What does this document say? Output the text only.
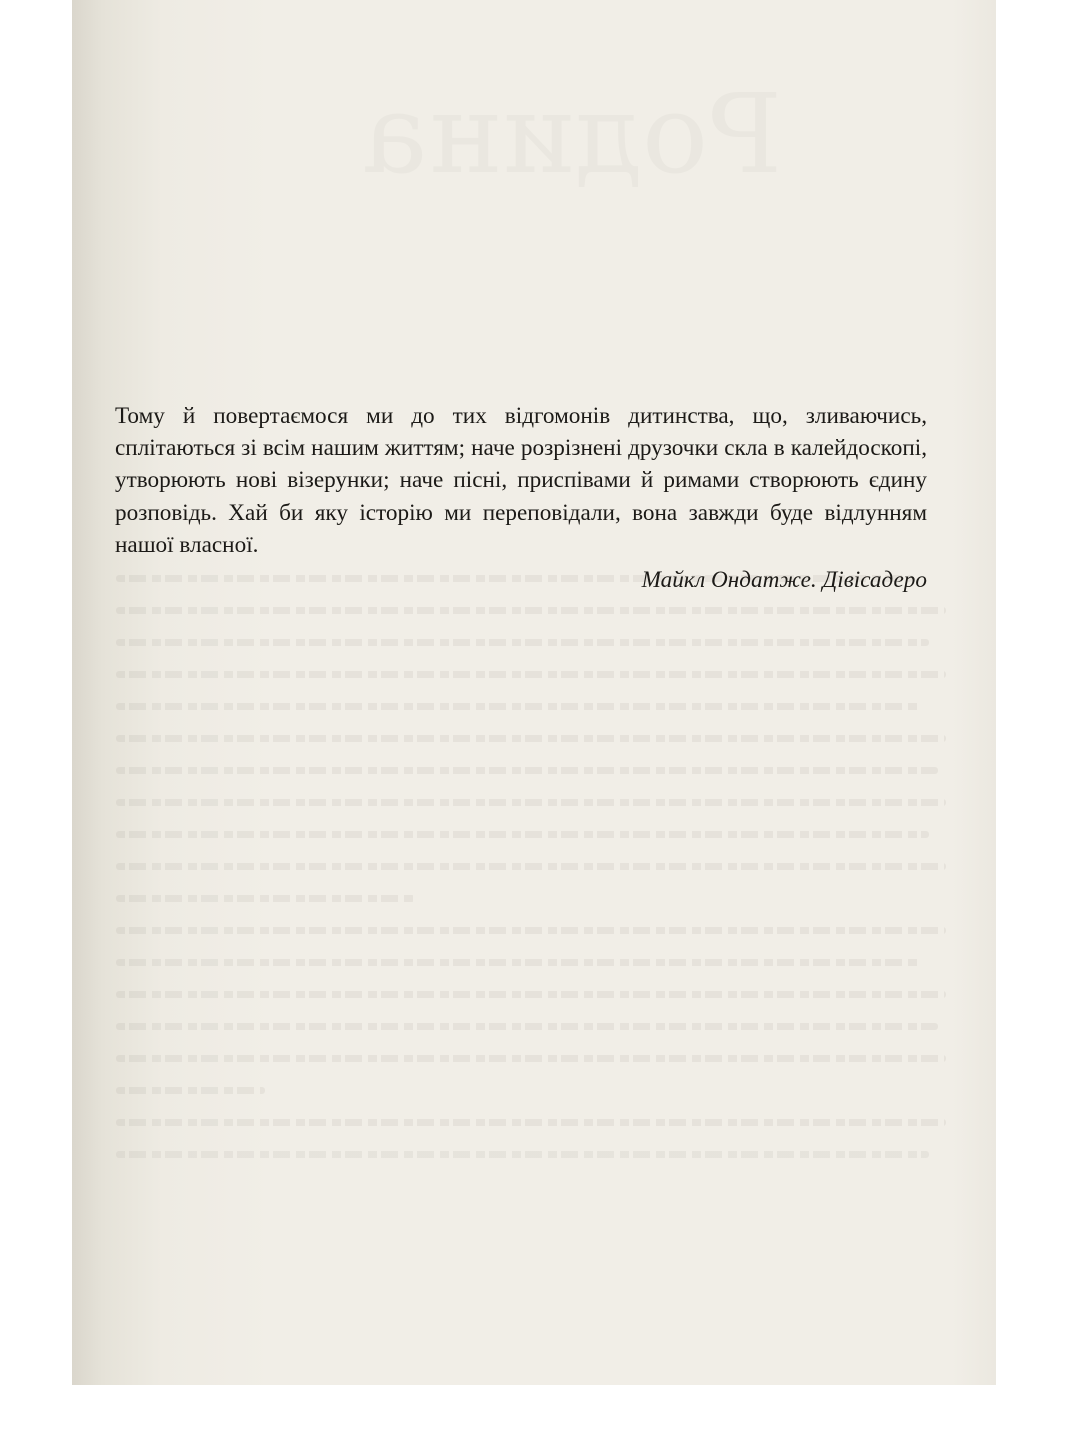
Родина

Тому й повертаємося ми до тих відгомонів дитинства, що, зливаючись, сплітаються зі всім нашим життям; наче розрізнені друзочки скла в калейдоскопі, утворюють нові візерунки; наче пісні, приспівами й римами створюють єдину розповідь. Хай би яку історію ми переповідали, вона завжди буде відлунням нашої власної.

Майкл Ондатже. Дівісадеро
